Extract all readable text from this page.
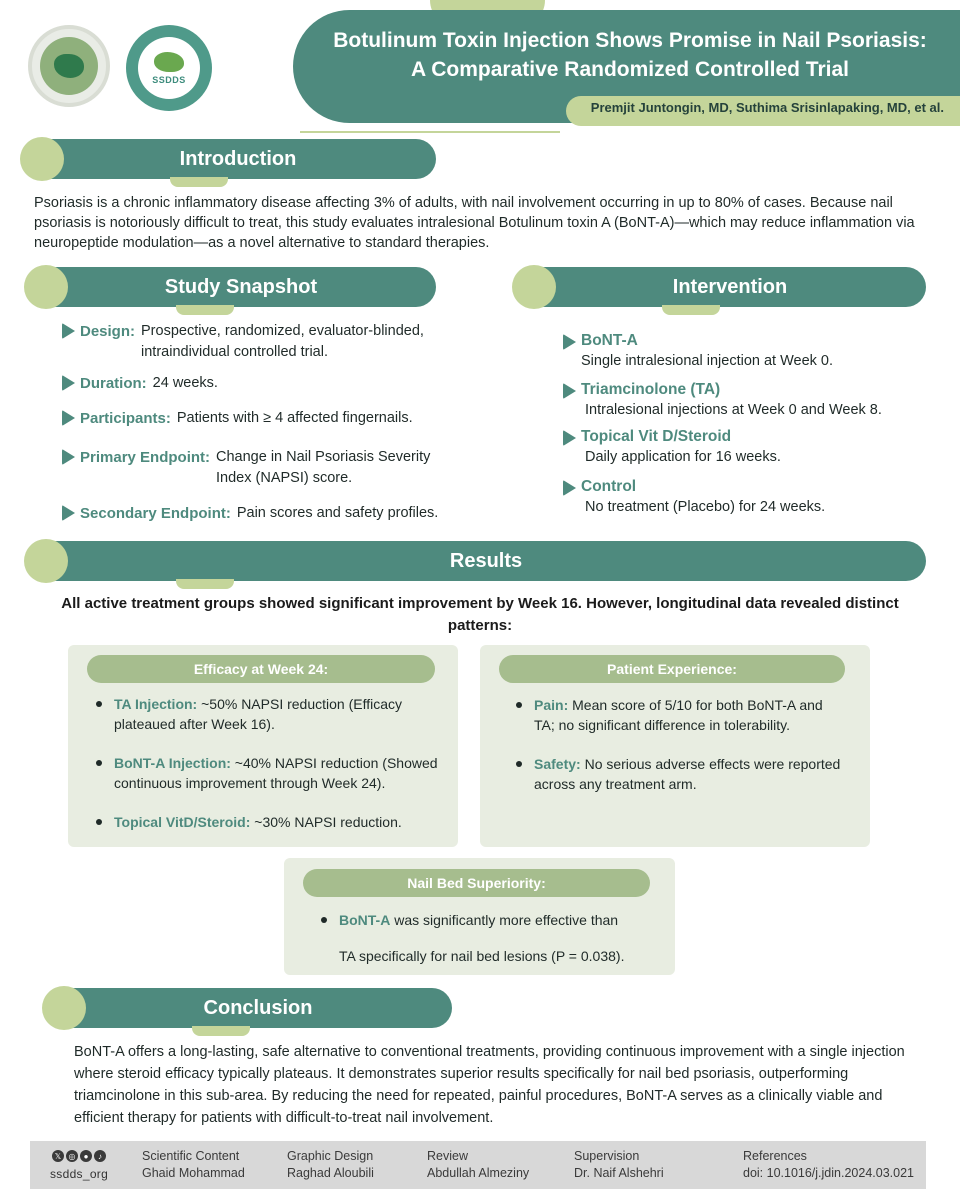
SSDDS
Botulinum Toxin Injection Shows Promise in Nail Psoriasis:
A Comparative Randomized Controlled Trial
Premjit Juntongin, MD, Suthima Srisinlapaking, MD, et al.
Introduction
Psoriasis is a chronic inflammatory disease affecting 3% of adults, with nail involvement occurring in up to 80% of cases. Because nail psoriasis is notoriously difficult to treat, this study evaluates intralesional Botulinum toxin A (BoNT-A)—which may reduce inflammation via neuropeptide modulation—as a novel alternative to standard therapies.
Study Snapshot
Design: Prospective, randomized, evaluator-blinded, intraindividual controlled trial.
Duration: 24 weeks.
Participants: Patients with ≥ 4 affected fingernails.
Primary Endpoint: Change in Nail Psoriasis Severity Index (NAPSI) score.
Secondary Endpoint: Pain scores and safety profiles.
Intervention
BoNT-A
Single intralesional injection at Week 0.
Triamcinolone (TA)
Intralesional injections at Week 0 and Week 8.
Topical Vit D/Steroid
Daily application for 16 weeks.
Control
No treatment (Placebo) for 24 weeks.
Results
All active treatment groups showed significant improvement by Week 16. However, longitudinal data revealed distinct patterns:
Efficacy at Week 24:
TA Injection: ~50% NAPSI reduction (Efficacy plateaued after Week 16).
BoNT-A Injection: ~40% NAPSI reduction (Showed continuous improvement through Week 24).
Topical VitD/Steroid: ~30% NAPSI reduction.
Patient Experience:
Pain: Mean score of 5/10 for both BoNT-A and TA; no significant difference in tolerability.
Safety: No serious adverse effects were reported across any treatment arm.
Nail Bed Superiority:
BoNT-A was significantly more effective than
TA specifically for nail bed lesions (P = 0.038).
Conclusion
BoNT-A offers a long-lasting, safe alternative to conventional treatments, providing continuous improvement with a single injection where steroid efficacy typically plateaus. It demonstrates superior results specifically for nail bed psoriasis, outperforming triamcinolone in this sub-area. By reducing the need for repeated, painful procedures, BoNT-A serves as a clinically viable and efficient therapy for patients with difficult-to-treat nail involvement.
𝕏 ◎	●	♪
ssdds_org
Scientific Content
Ghaid Mohammad
Graphic Design
Raghad Aloubili
Review
Abdullah Almeziny
Supervision
Dr. Naif Alshehri
References
doi: 10.1016/j.jdin.2024.03.021
